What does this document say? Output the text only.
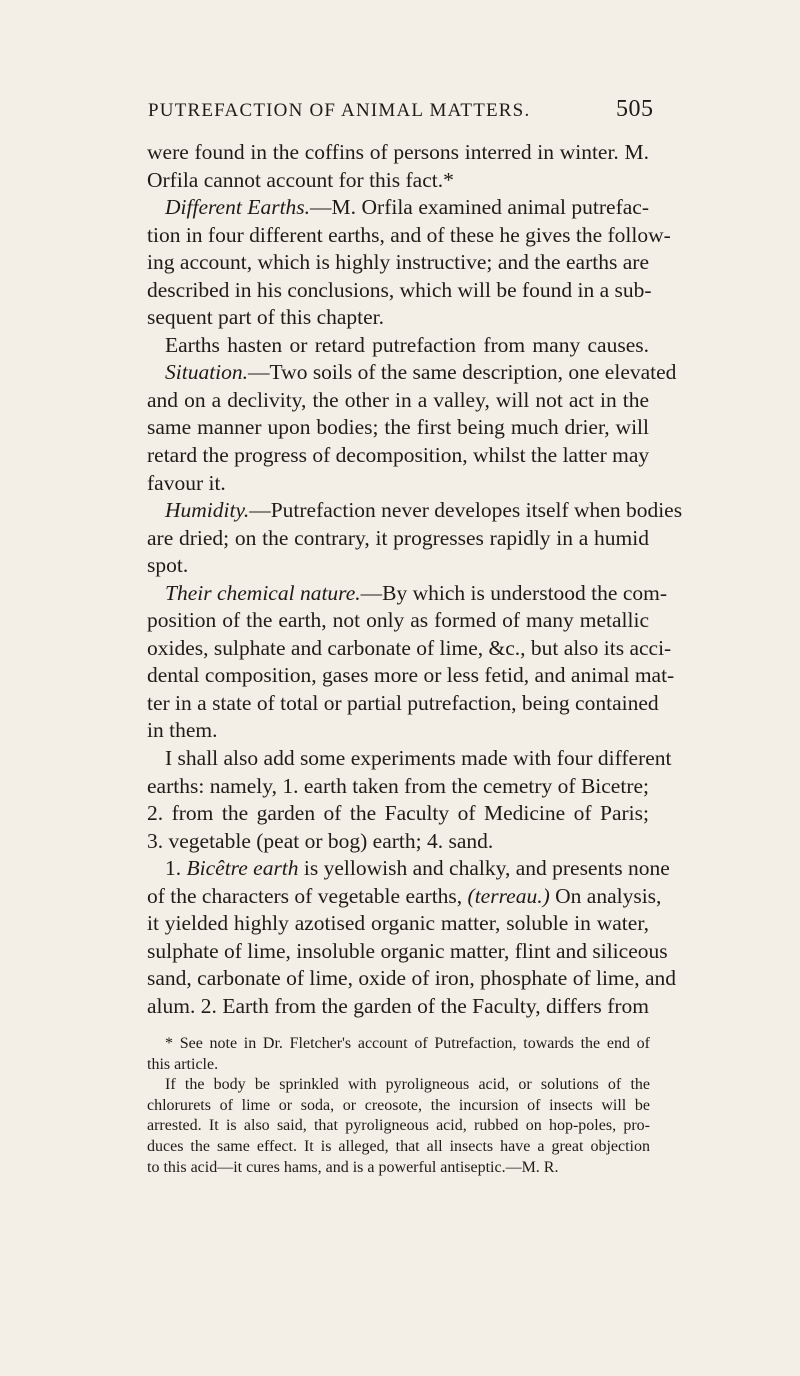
PUTREFACTION OF ANIMAL MATTERS.	505
were found in the coffins of persons interred in winter. M.
Orfila cannot account for this fact.*
Different Earths.—M. Orfila examined animal putrefac-
tion in four different earths, and of these he gives the follow-
ing account, which is highly instructive; and the earths are
described in his conclusions, which will be found in a sub-
sequent part of this chapter.
Earths hasten or retard putrefaction from many causes.
Situation.—Two soils of the same description, one elevated
and on a declivity, the other in a valley, will not act in the
same manner upon bodies; the first being much drier, will
retard the progress of decomposition, whilst the latter may
favour it.
Humidity.—Putrefaction never developes itself when bodies
are dried; on the contrary, it progresses rapidly in a humid
spot.
Their chemical nature.—By which is understood the com-
position of the earth, not only as formed of many metallic
oxides, sulphate and carbonate of lime, &c., but also its acci-
dental composition, gases more or less fetid, and animal mat-
ter in a state of total or partial putrefaction, being contained
in them.
I shall also add some experiments made with four different
earths: namely, 1. earth taken from the cemetry of Bicetre;
2. from the garden of the Faculty of Medicine of Paris;
3. vegetable (peat or bog) earth; 4. sand.
1. Bicêtre earth is yellowish and chalky, and presents none
of the characters of vegetable earths, (terreau.) On analysis,
it yielded highly azotised organic matter, soluble in water,
sulphate of lime, insoluble organic matter, flint and siliceous
sand, carbonate of lime, oxide of iron, phosphate of lime, and
alum. 2. Earth from the garden of the Faculty, differs from
* See note in Dr. Fletcher's account of Putrefaction, towards the end of
this article.
If the body be sprinkled with pyroligneous acid, or solutions of the
chlorurets of lime or soda, or creosote, the incursion of insects will be
arrested. It is also said, that pyroligneous acid, rubbed on hop-poles, pro-
duces the same effect. It is alleged, that all insects have a great objection
to this acid—it cures hams, and is a powerful antiseptic.—M. R.
